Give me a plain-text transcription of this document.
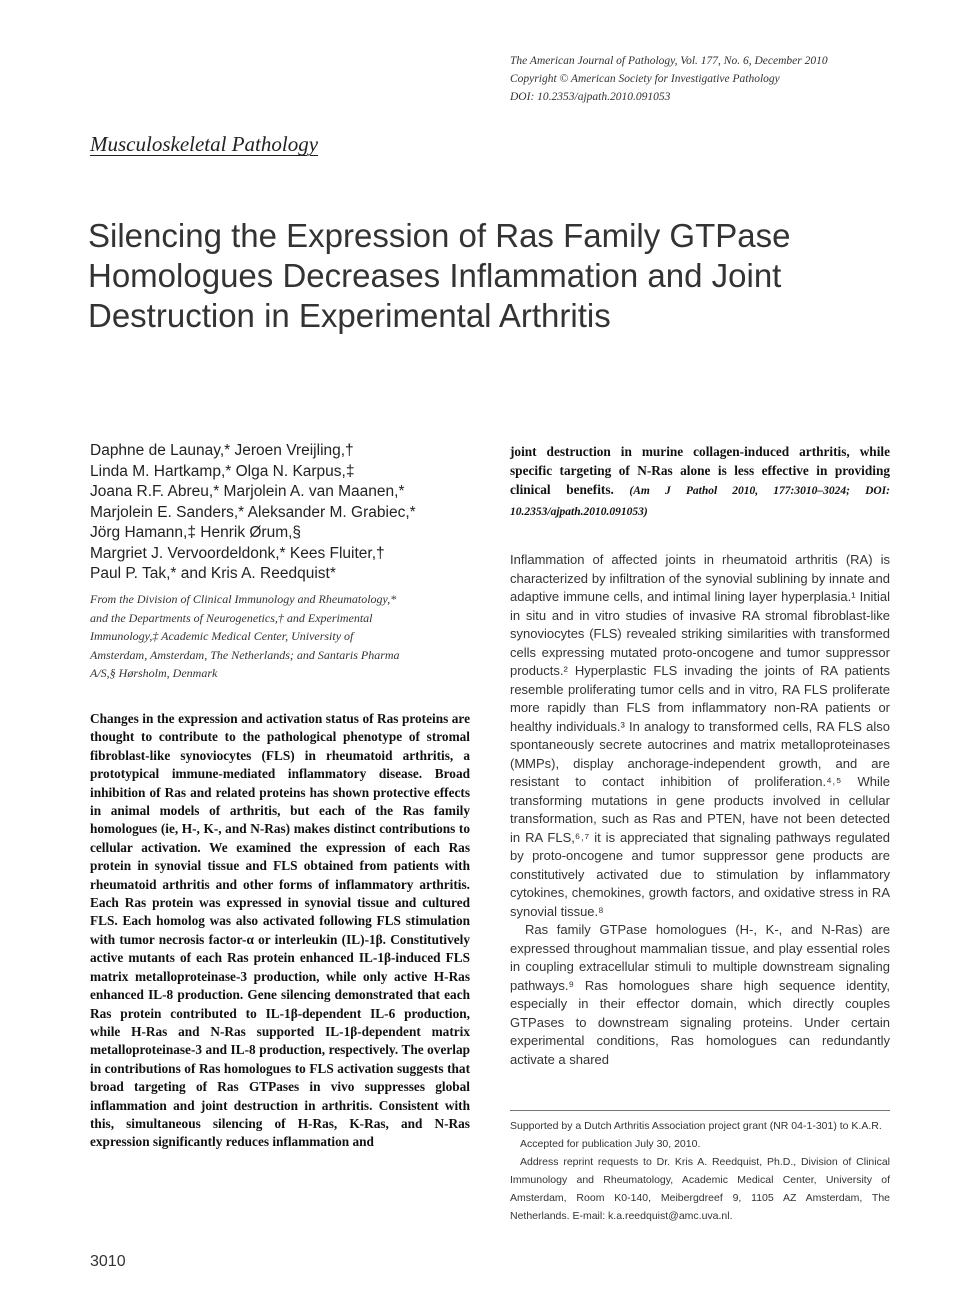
The American Journal of Pathology, Vol. 177, No. 6, December 2010
Copyright © American Society for Investigative Pathology
DOI: 10.2353/ajpath.2010.091053
Musculoskeletal Pathology
Silencing the Expression of Ras Family GTPase Homologues Decreases Inflammation and Joint Destruction in Experimental Arthritis
Daphne de Launay,* Jeroen Vreijling,†
Linda M. Hartkamp,* Olga N. Karpus,‡
Joana R.F. Abreu,* Marjolein A. van Maanen,*
Marjolein E. Sanders,* Aleksander M. Grabiec,*
Jörg Hamann,‡ Henrik Ørum,§
Margriet J. Vervoordeldonk,* Kees Fluiter,†
Paul P. Tak,* and Kris A. Reedquist*
From the Division of Clinical Immunology and Rheumatology,*
and the Departments of Neurogenetics,† and Experimental
Immunology,‡ Academic Medical Center, University of
Amsterdam, Amsterdam, The Netherlands; and Santaris Pharma
A/S,§ Hørsholm, Denmark

Changes in the expression and activation status of Ras proteins are thought to contribute to the pathological phenotype of stromal fibroblast-like synoviocytes (FLS) in rheumatoid arthritis, a prototypical immune-mediated inflammatory disease. Broad inhibition of Ras and related proteins has shown protective effects in animal models of arthritis, but each of the Ras family homologues (ie, H-, K-, and N-Ras) makes distinct contributions to cellular activation. We examined the expression of each Ras protein in synovial tissue and FLS obtained from patients with rheumatoid arthritis and other forms of inflammatory arthritis. Each Ras protein was expressed in synovial tissue and cultured FLS. Each homolog was also activated following FLS stimulation with tumor necrosis factor-α or interleukin (IL)-1β. Constitutively active mutants of each Ras protein enhanced IL-1β-induced FLS matrix metalloproteinase-3 production, while only active H-Ras enhanced IL-8 production. Gene silencing demonstrated that each Ras protein contributed to IL-1β-dependent IL-6 production, while H-Ras and N-Ras supported IL-1β-dependent matrix metalloproteinase-3 and IL-8 production, respectively. The overlap in contributions of Ras homologues to FLS activation suggests that broad targeting of Ras GTPases in vivo suppresses global inflammation and joint destruction in arthritis. Consistent with this, simultaneous silencing of H-Ras, K-Ras, and N-Ras expression significantly reduces inflammation and

joint destruction in murine collagen-induced arthritis, while specific targeting of N-Ras alone is less effective in providing clinical benefits. (Am J Pathol 2010, 177:3010–3024; DOI: 10.2353/ajpath.2010.091053)

Inflammation of affected joints in rheumatoid arthritis (RA) is characterized by infiltration of the synovial sublining by innate and adaptive immune cells, and intimal lining layer hyperplasia.¹ Initial in situ and in vitro studies of invasive RA stromal fibroblast-like synoviocytes (FLS) revealed striking similarities with transformed cells expressing mutated proto-oncogene and tumor suppressor products.² Hyperplastic FLS invading the joints of RA patients resemble proliferating tumor cells and in vitro, RA FLS proliferate more rapidly than FLS from inflammatory non-RA patients or healthy individuals.³ In analogy to transformed cells, RA FLS also spontaneously secrete autocrines and matrix metalloproteinases (MMPs), display anchorage-independent growth, and are resistant to contact inhibition of proliferation.⁴˒⁵ While transforming mutations in gene products involved in cellular transformation, such as Ras and PTEN, have not been detected in RA FLS,⁶˒⁷ it is appreciated that signaling pathways regulated by proto-oncogene and tumor suppressor gene products are constitutively activated due to stimulation by inflammatory cytokines, chemokines, growth factors, and oxidative stress in RA synovial tissue.⁸

Ras family GTPase homologues (H-, K-, and N-Ras) are expressed throughout mammalian tissue, and play essential roles in coupling extracellular stimuli to multiple downstream signaling pathways.⁹ Ras homologues share high sequence identity, especially in their effector domain, which directly couples GTPases to downstream signaling proteins. Under certain experimental conditions, Ras homologues can redundantly activate a shared

Supported by a Dutch Arthritis Association project grant (NR 04-1-301) to K.A.R.

Accepted for publication July 30, 2010.

Address reprint requests to Dr. Kris A. Reedquist, Ph.D., Division of Clinical Immunology and Rheumatology, Academic Medical Center, University of Amsterdam, Room K0-140, Meibergdreef 9, 1105 AZ Amsterdam, The Netherlands. E-mail: k.a.reedquist@amc.uva.nl.

3010
